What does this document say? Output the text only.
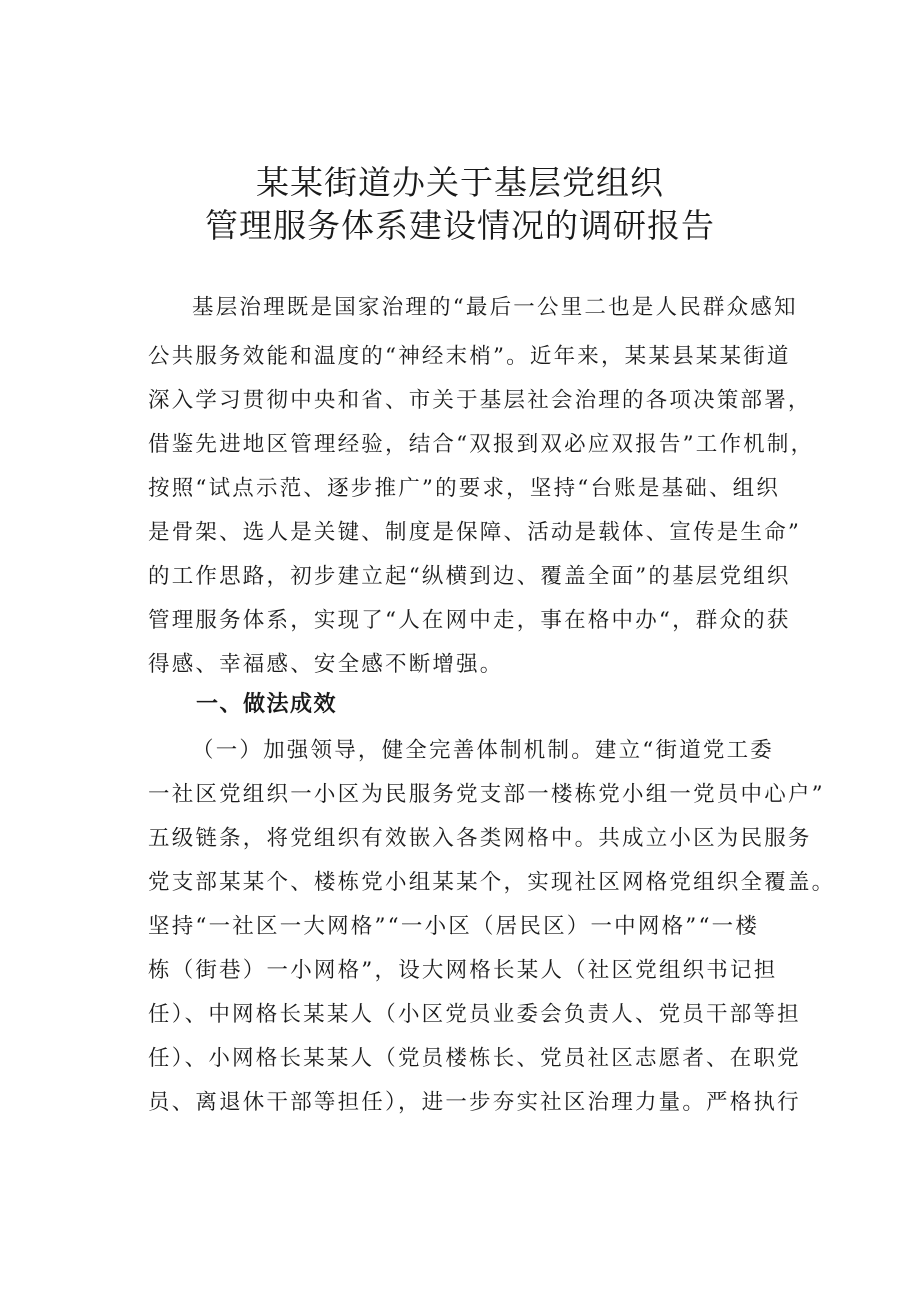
某某街道办关于基层党组织
管理服务体系建设情况的调研报告
基层治理既是国家治理的“最后一公里二也是人民群众感知
公共服务效能和温度的“神经末梢”。近年来，某某县某某街道
深入学习贯彻中央和省、市关于基层社会治理的各项决策部署，
借鉴先进地区管理经验，结合“双报到双必应双报告”工作机制，
按照“试点示范、逐步推广”的要求，坚持“台账是基础、组织
是骨架、选人是关键、制度是保障、活动是载体、宣传是生命”
的工作思路，初步建立起“纵横到边、覆盖全面”的基层党组织
管理服务体系，实现了“人在网中走，事在格中办“，群众的获
得感、幸福感、安全感不断增强。
一、做法成效
（一）加强领导，健全完善体制机制。建立“街道党工委
一社区党组织一小区为民服务党支部一楼栋党小组一党员中心户”
五级链条，将党组织有效嵌入各类网格中。共成立小区为民服务
党支部某某个、楼栋党小组某某个，实现社区网格党组织全覆盖。
坚持“一社区一大网格”“一小区（居民区）一中网格”“一楼
栋（街巷）一小网格”，设大网格长某人（社区党组织书记担
任）、中网格长某某人（小区党员业委会负责人、党员干部等担
任）、小网格长某某人（党员楼栋长、党员社区志愿者、在职党
员、离退休干部等担任），进一步夯实社区治理力量。严格执行
